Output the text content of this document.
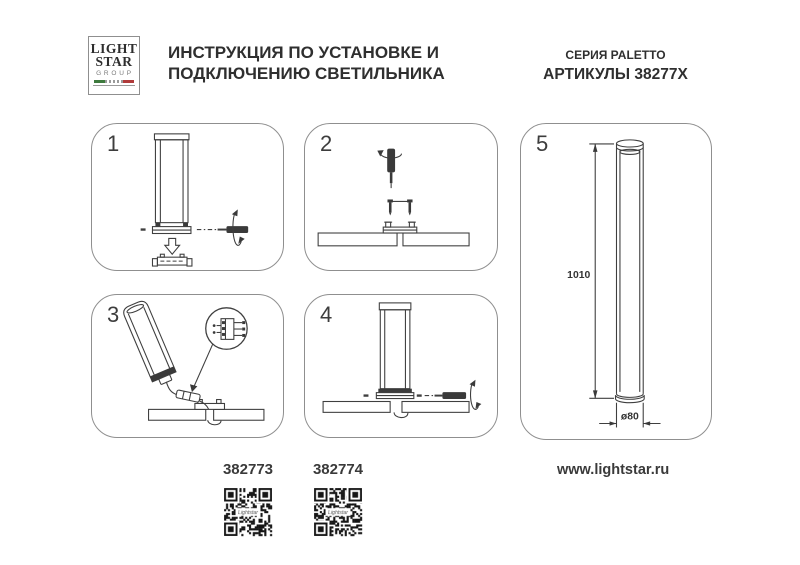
LIGHT
STAR
GROUP
ИНСТРУКЦИЯ ПО УСТАНОВКЕ И
ПОДКЛЮЧЕНИЮ СВЕТИЛЬНИКА
СЕРИЯ PALETTO
АРТИКУЛЫ 38277X
1	2
3	4
5
1010
ø80
382773	382774	www.lightstar.ru
